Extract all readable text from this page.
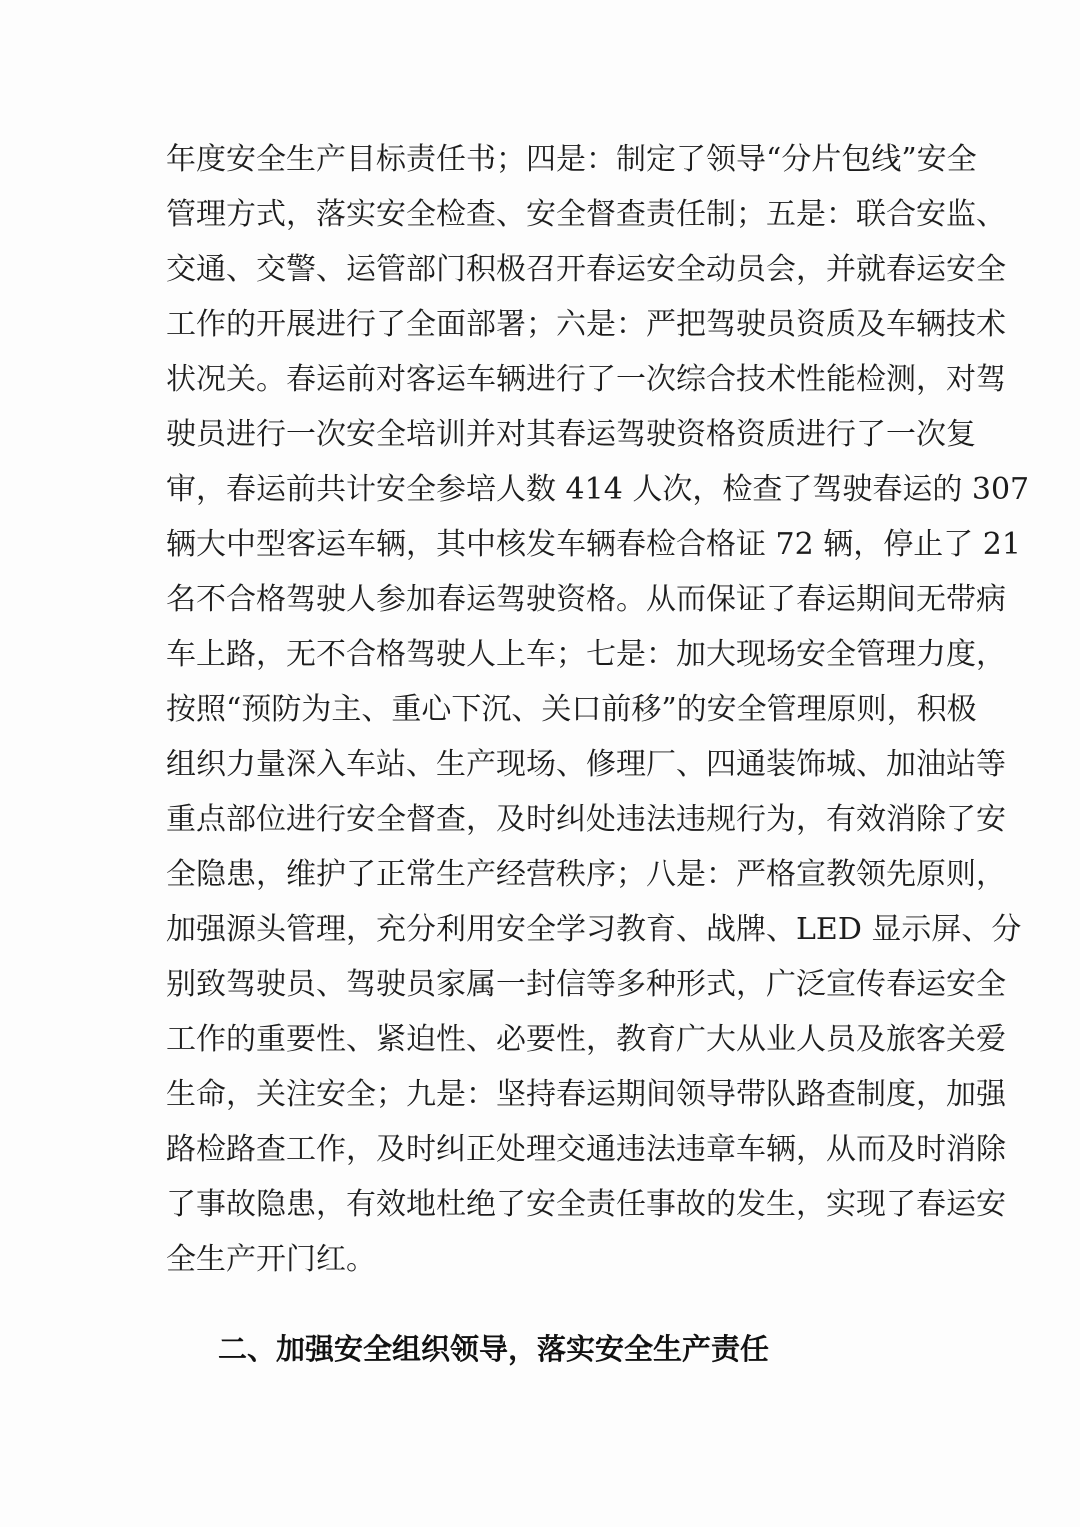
年度安全生产目标责任书；四是：制定了领导“分片包线”安全
管理方式，落实安全检查、安全督查责任制；五是：联合安监、
交通、交警、运管部门积极召开春运安全动员会，并就春运安全
工作的开展进行了全面部署；六是：严把驾驶员资质及车辆技术
状况关。春运前对客运车辆进行了一次综合技术性能检测，对驾
驶员进行一次安全培训并对其春运驾驶资格资质进行了一次复
审，春运前共计安全参培人数 414 人次，检查了驾驶春运的 307
辆大中型客运车辆，其中核发车辆春检合格证 72 辆，停止了 21
名不合格驾驶人参加春运驾驶资格。从而保证了春运期间无带病
车上路，无不合格驾驶人上车；七是：加大现场安全管理力度，
按照“预防为主、重心下沉、关口前移”的安全管理原则，积极
组织力量深入车站、生产现场、修理厂、四通装饰城、加油站等
重点部位进行安全督查，及时纠处违法违规行为，有效消除了安
全隐患，维护了正常生产经营秩序；八是：严格宣教领先原则，
加强源头管理，充分利用安全学习教育、战牌、LED 显示屏、分
别致驾驶员、驾驶员家属一封信等多种形式，广泛宣传春运安全
工作的重要性、紧迫性、必要性，教育广大从业人员及旅客关爱
生命，关注安全；九是：坚持春运期间领导带队路查制度，加强
路检路查工作，及时纠正处理交通违法违章车辆，从而及时消除
了事故隐患，有效地杜绝了安全责任事故的发生，实现了春运安
全生产开门红。
二、加强安全组织领导，落实安全生产责任
